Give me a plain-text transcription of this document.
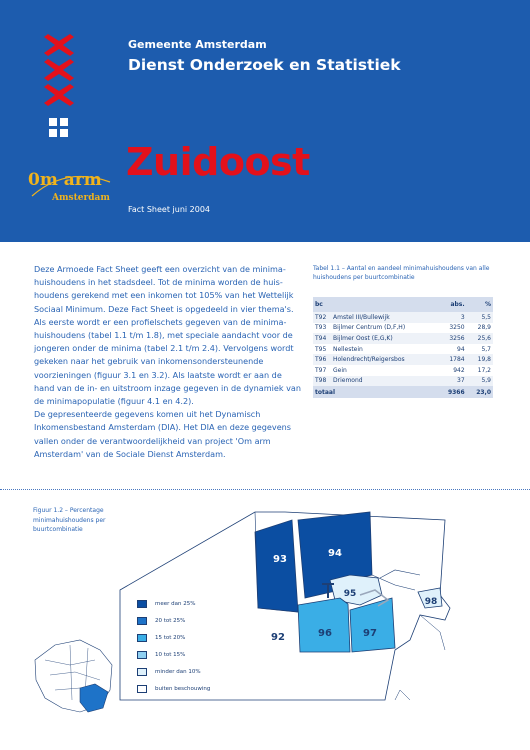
Gemeente Amsterdam
Dienst Onderzoek en Statistiek
Zuidoost
Fact Sheet juni 2004
0m arm
Amsterdam

Deze Armoede Fact Sheet geeft een overzicht van de minima-huishoudens in het stadsdeel. Tot de minima worden de huis-houdens gerekend met een inkomen tot 105% van het Wettelijk Sociaal Minimum. Deze Fact Sheet is opgedeeld in vier thema's. Als eerste wordt er een profielschets gegeven van de minima-huishoudens (tabel 1.1 t/m 1.8), met speciale aandacht voor de jongeren onder de minima (tabel 2.1 t/m 2.4). Vervolgens wordt gekeken naar het gebruik van inkomensondersteunende voorzieningen (figuur 3.1 en 3.2). Als laatste wordt er aan de hand van de in- en uitstroom inzage gegeven in de dynamiek van de minimapopulatie (figuur 4.1 en 4.2).

De gepresenteerde gegevens komen uit het Dynamisch Inkomensbestand Amsterdam (DIA). Het DIA en deze gegevens vallen onder de verantwoordelijkheid van project 'Om arm Amsterdam' van de Sociale Dienst Amsterdam.

Tabel 1.1 – Aantal en aandeel minimahuishoudens van alle huishoudens per buurtcombinatie
bc		abs.	%
T92	Amstel III/Bullewijk	3	5,5
T93	Bijlmer Centrum (D,F,H)	3250	28,9
T94	Bijlmer Oost (E,G,K)	3256	25,6
T95	Nellestein	94	5,7
T96	Holendrecht/Reigersbos	1784	19,8
T97	Gein	942	17,2
T98	Driemond	37	5,9
totaal		9366	23,0
Figuur 1.2 – Percentage minimahuishoudens per buurtcombinatie
93
94
95
96	97
98
92
meer dan 25%
20 tot 25%
15 tot 20%
10 tot 15%
minder dan 10%
buiten beschouwing
